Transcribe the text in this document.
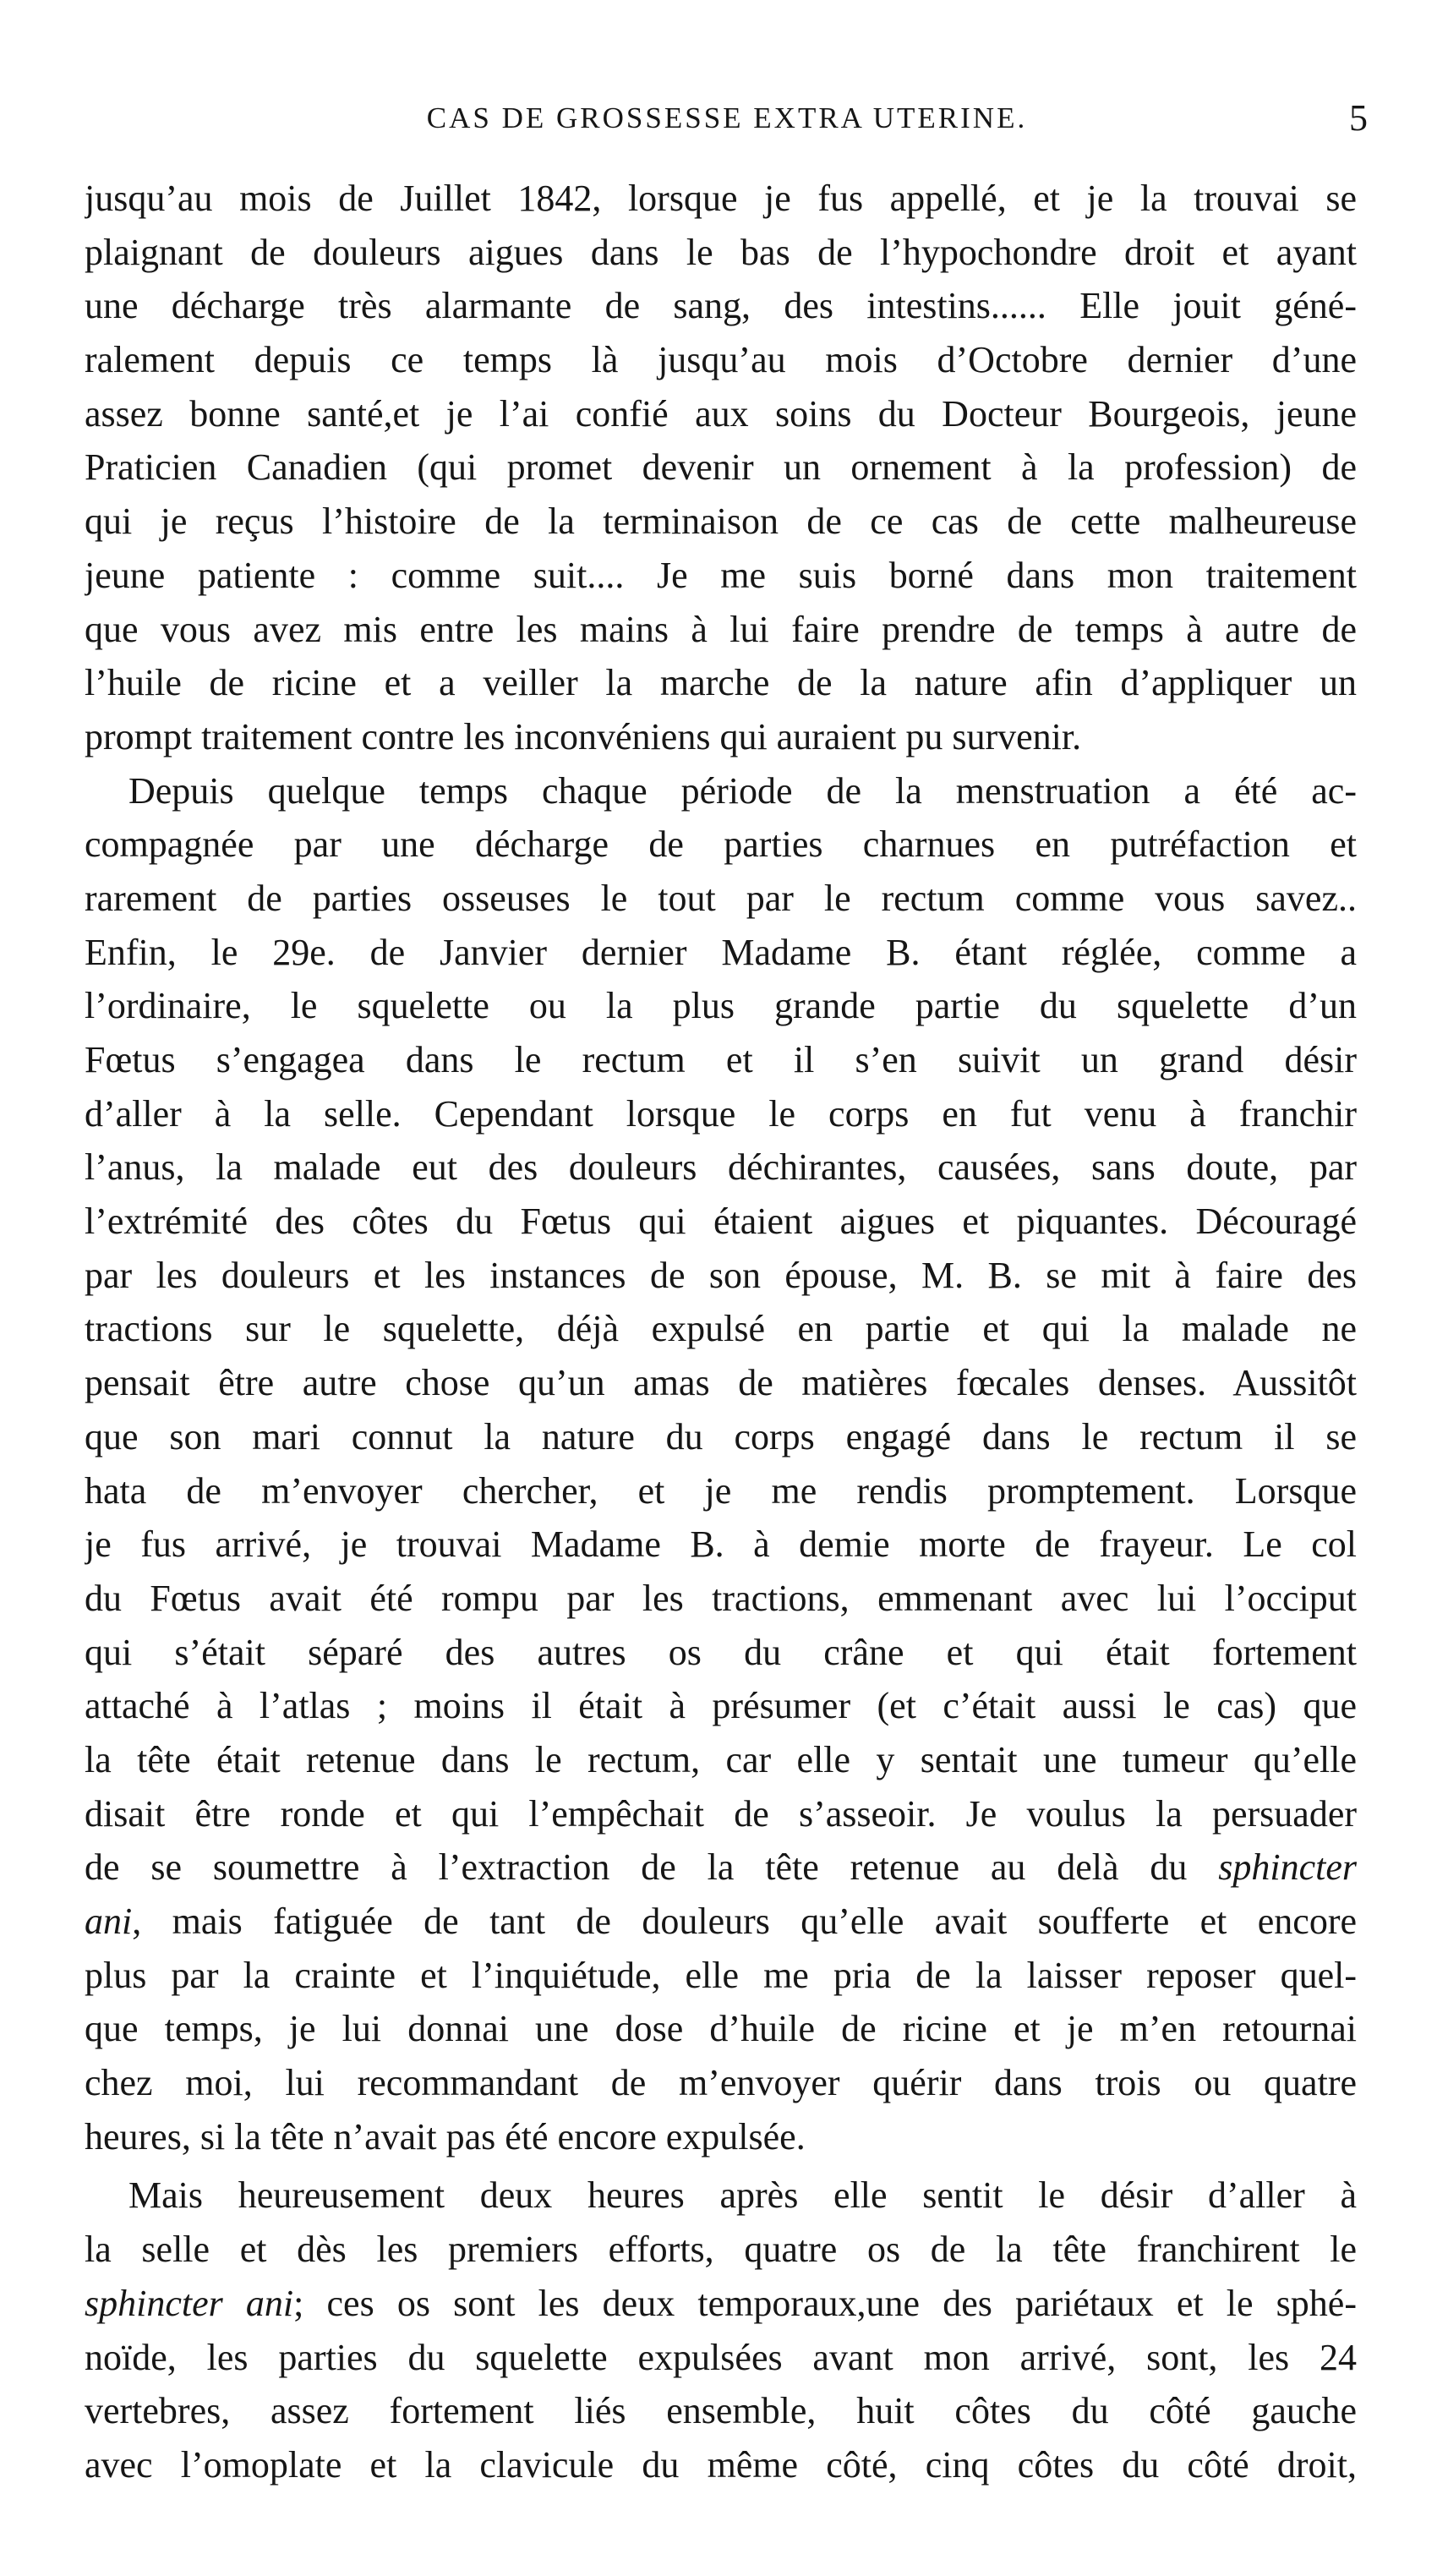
CAS DE GROSSESSE EXTRA UTERINE.	5
jusqu’au mois de Juillet 1842, lorsque je fus appellé, et je la trouvai se
plaignant de douleurs aigues dans le bas de l’hypochondre droit et ayant
une décharge très alarmante de sang, des intestins...... Elle jouit géné-
ralement depuis ce temps là jusqu’au mois d’Octobre dernier d’une
assez bonne santé,et je l’ai confié aux soins du Docteur Bourgeois, jeune
Praticien Canadien (qui promet devenir un ornement à la profession) de
qui je reçus l’histoire de la terminaison de ce cas de cette malheureuse
jeune patiente : comme suit.... Je me suis borné dans mon traitement
que vous avez mis entre les mains à lui faire prendre de temps à autre de
l’huile de ricine et a veiller la marche de la nature afin d’appliquer un
prompt traitement contre les inconvéniens qui auraient pu survenir.
Depuis quelque temps chaque période de la menstruation a été ac-
compagnée par une décharge de parties charnues en putréfaction et
rarement de parties osseuses le tout par le rectum comme vous savez..
Enfin, le 29e. de Janvier dernier Madame B. étant réglée, comme a
l’ordinaire, le squelette ou la plus grande partie du squelette d’un
Fœtus s’engagea dans le rectum et il s’en suivit un grand désir
d’aller à la selle. Cependant lorsque le corps en fut venu à franchir
l’anus, la malade eut des douleurs déchirantes, causées, sans doute, par
l’extrémité des côtes du Fœtus qui étaient aigues et piquantes. Découragé
par les douleurs et les instances de son épouse, M. B. se mit à faire des
tractions sur le squelette, déjà expulsé en partie et qui la malade ne
pensait être autre chose qu’un amas de matières fœcales denses. Aussitôt
que son mari connut la nature du corps engagé dans le rectum il se
hata de m’envoyer chercher, et je me rendis promptement. Lorsque
je fus arrivé, je trouvai Madame B. à demie morte de frayeur. Le col
du Fœtus avait été rompu par les tractions, emmenant avec lui l’occiput
qui s’était séparé des autres os du crâne et qui était fortement
attaché à l’atlas ; moins il était à présumer (et c’était aussi le cas) que
la tête était retenue dans le rectum, car elle y sentait une tumeur qu’elle
disait être ronde et qui l’empêchait de s’asseoir. Je voulus la persuader
de se soumettre à l’extraction de la tête retenue au delà du sphincter
ani, mais fatiguée de tant de douleurs qu’elle avait soufferte et encore
plus par la crainte et l’inquiétude, elle me pria de la laisser reposer quel-
que temps, je lui donnai une dose d’huile de ricine et je m’en retournai
chez moi, lui recommandant de m’envoyer quérir dans trois ou quatre
heures, si la tête n’avait pas été encore expulsée.
Mais heureusement deux heures après elle sentit le désir d’aller à
la selle et dès les premiers efforts, quatre os de la tête franchirent le
sphincter ani; ces os sont les deux temporaux,une des pariétaux et le sphé-
noïde, les parties du squelette expulsées avant mon arrivé, sont, les 24
vertebres, assez fortement liés ensemble, huit côtes du côté gauche
avec l’omoplate et la clavicule du même côté, cinq côtes du côté droit,
